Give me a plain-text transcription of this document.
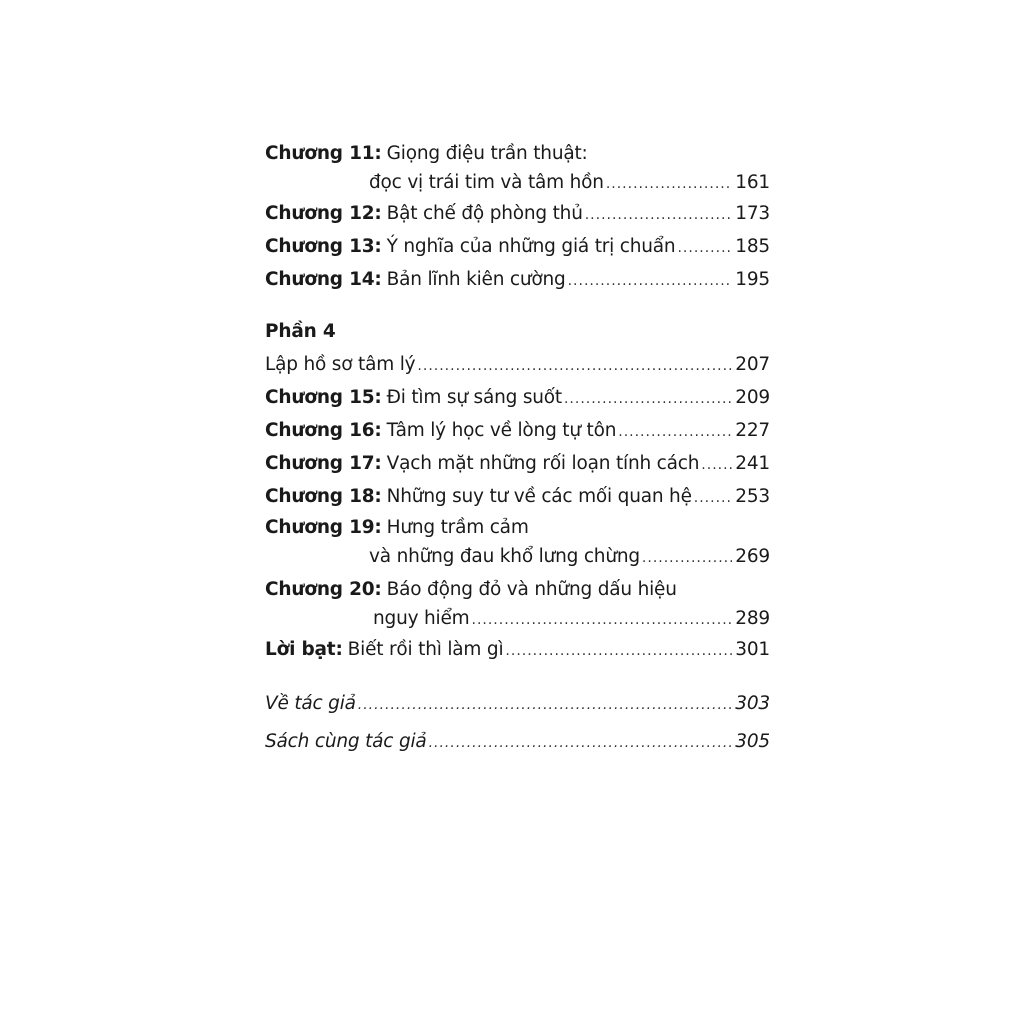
Chương 11: Giọng điệu trần thuật:
đọc vị trái tim và tâm hồn .....	161
Chương 12: Bật chế độ phòng thủ .....	173
Chương 13: Ý nghĩa của những giá trị chuẩn .....	185
Chương 14: Bản lĩnh kiên cường .....	195
Phần 4
Lập hồ sơ tâm lý .....	207
Chương 15: Đi tìm sự sáng suốt .....	209
Chương 16: Tâm lý học về lòng tự tôn .....	227
Chương 17: Vạch mặt những rối loạn tính cách ..... 241
Chương 18: Những suy tư về các mối quan hệ ..... 253
Chương 19: Hưng trầm cảm
và những đau khổ lưng chừng .....	269
Chương 20: Báo động đỏ và những dấu hiệu
nguy hiểm .....	289
Lời bạt: Biết rồi thì làm gì .....	301
Về tác giả .....	303
Sách cùng tác giả .....	305
